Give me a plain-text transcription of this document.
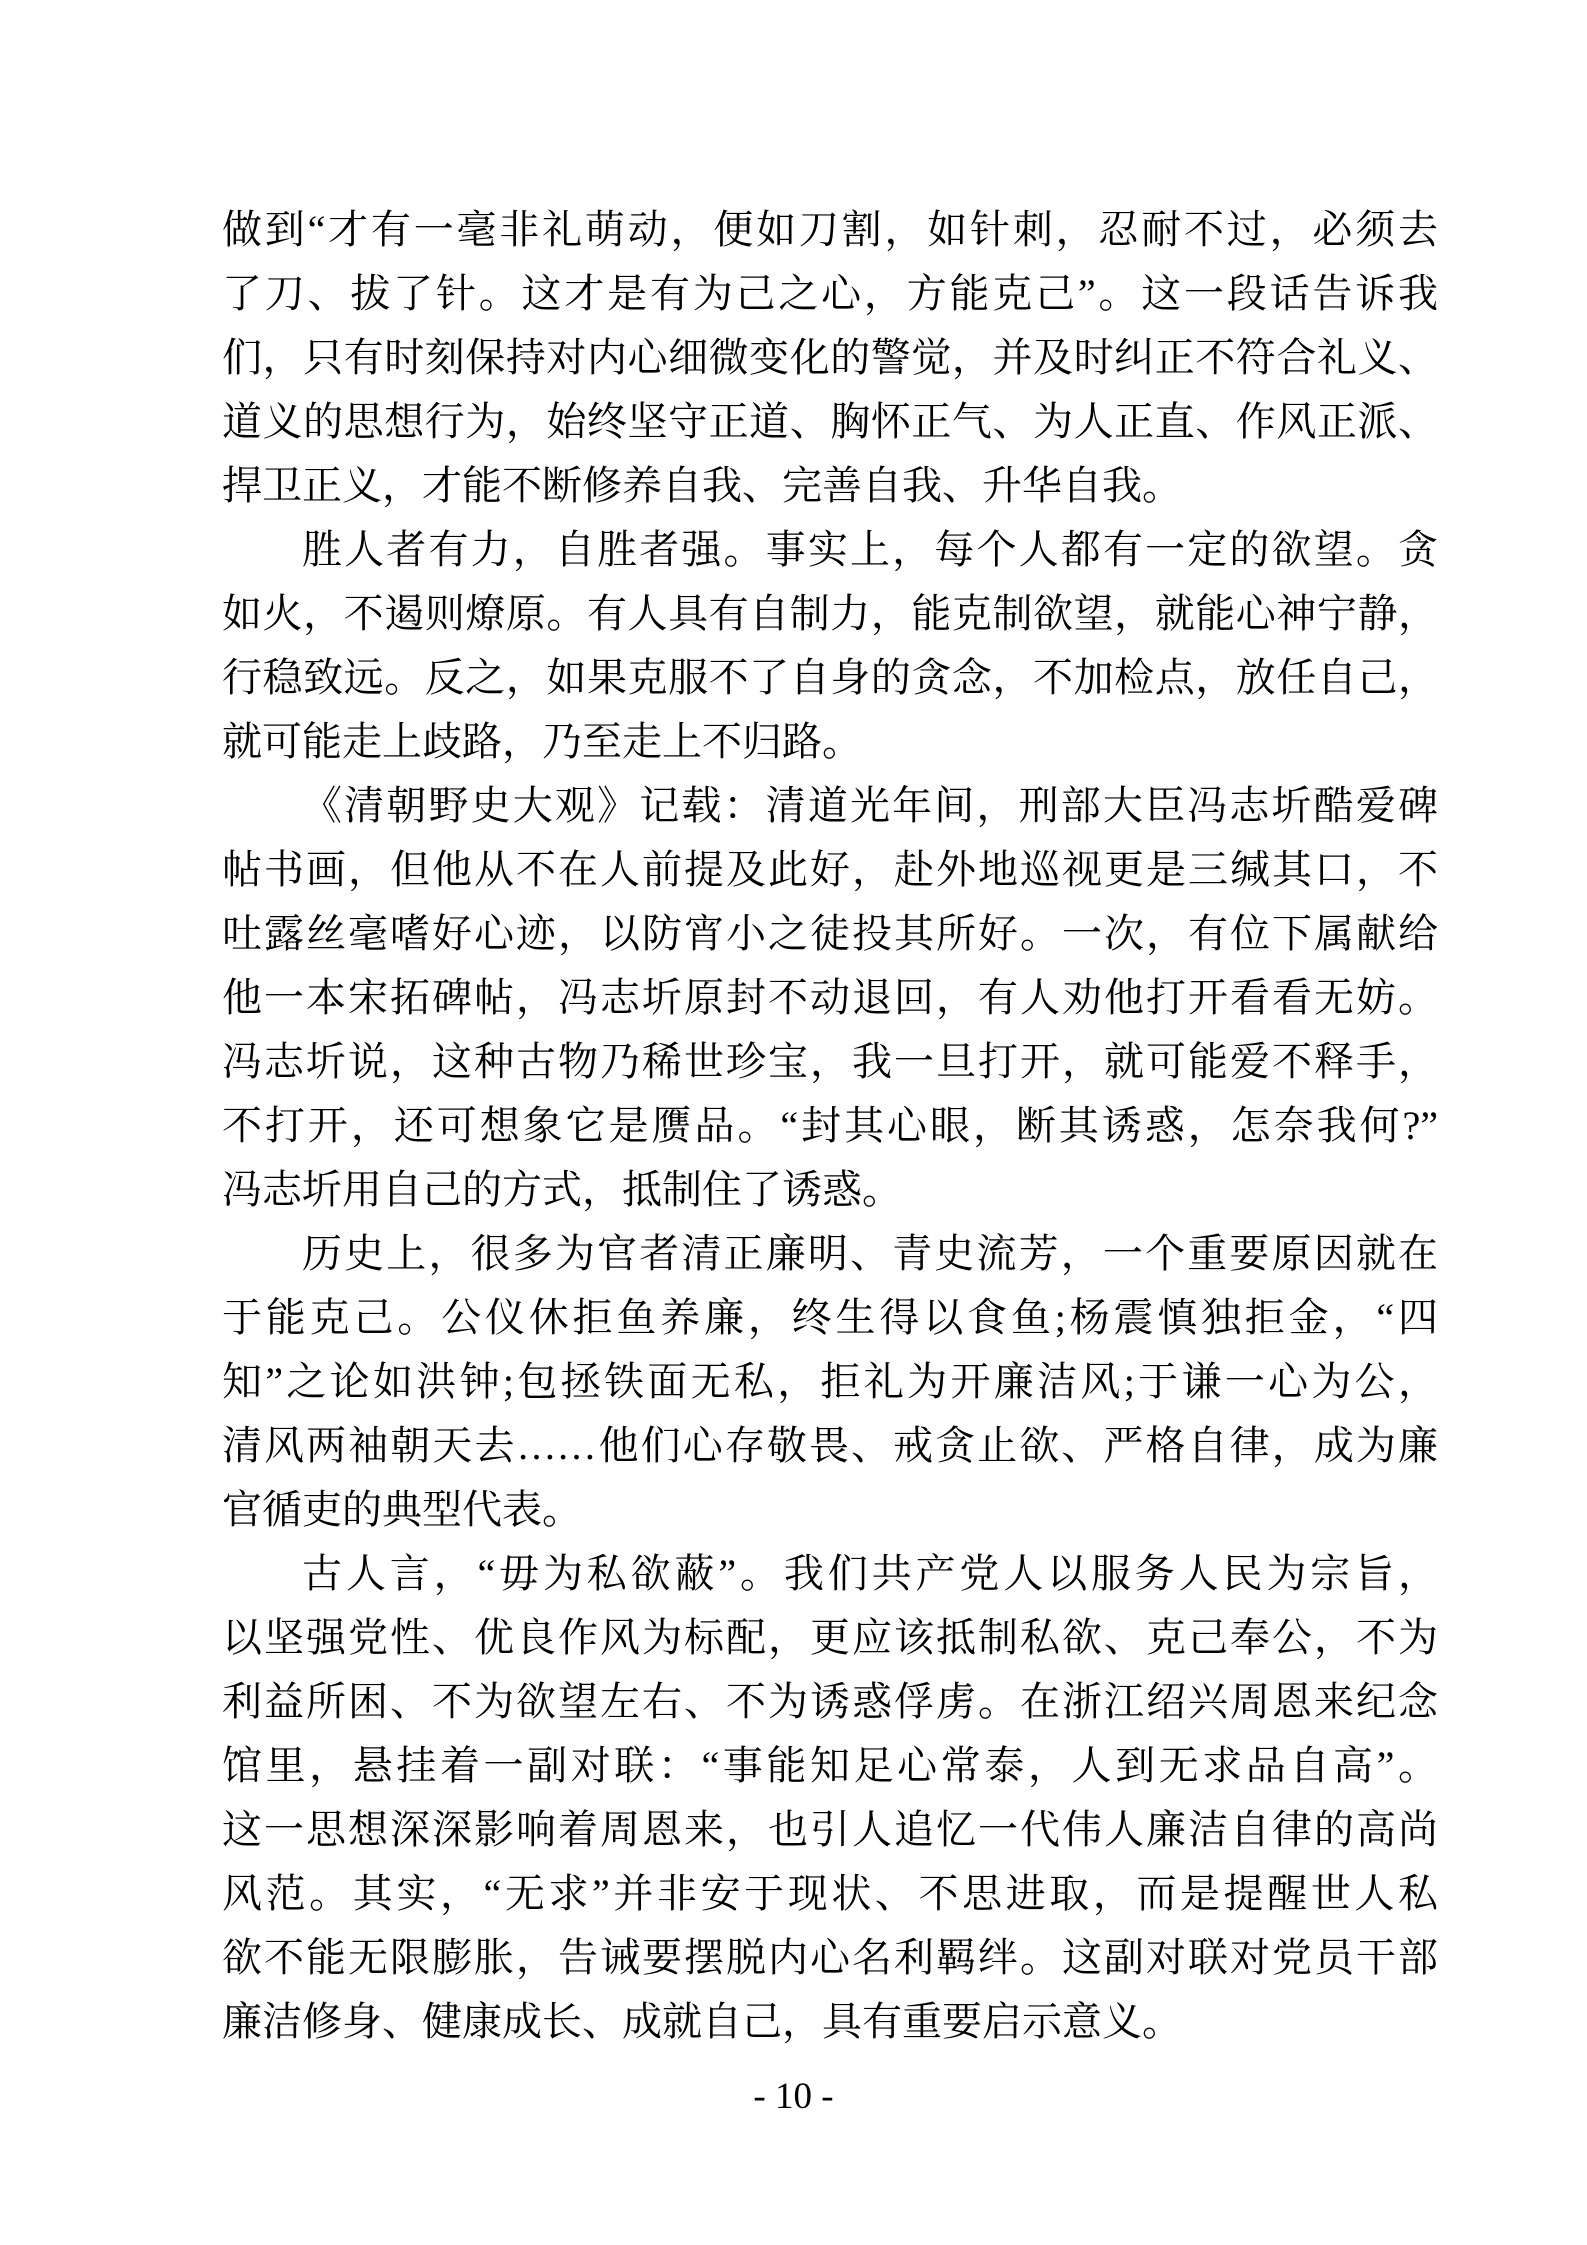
做到“才有一毫非礼萌动，便如刀割，如针刺，忍耐不过，必须去
了刀、拔了针。这才是有为己之心，方能克己”。这一段话告诉我
们，只有时刻保持对内心细微变化的警觉，并及时纠正不符合礼义、
道义的思想行为，始终坚守正道、胸怀正气、为人正直、作风正派、
捍卫正义，才能不断修养自我、完善自我、升华自我。
胜人者有力，自胜者强。事实上，每个人都有一定的欲望。贪
如火，不遏则燎原。有人具有自制力，能克制欲望，就能心神宁静，
行稳致远。反之，如果克服不了自身的贪念，不加检点，放任自己，
就可能走上歧路，乃至走上不归路。
《清朝野史大观》记载：清道光年间，刑部大臣冯志圻酷爱碑
帖书画，但他从不在人前提及此好，赴外地巡视更是三缄其口，不
吐露丝毫嗜好心迹，以防宵小之徒投其所好。一次，有位下属献给
他一本宋拓碑帖，冯志圻原封不动退回，有人劝他打开看看无妨。
冯志圻说，这种古物乃稀世珍宝，我一旦打开，就可能爱不释手，
不打开，还可想象它是赝品。“封其心眼，断其诱惑，怎奈我何?”
冯志圻用自己的方式，抵制住了诱惑。
历史上，很多为官者清正廉明、青史流芳，一个重要原因就在
于能克己。公仪休拒鱼养廉，终生得以食鱼;杨震慎独拒金，“四
知”之论如洪钟;包拯铁面无私，拒礼为开廉洁风;于谦一心为公，
清风两袖朝天去……他们心存敬畏、戒贪止欲、严格自律，成为廉
官循吏的典型代表。
古人言，“毋为私欲蔽”。我们共产党人以服务人民为宗旨，
以坚强党性、优良作风为标配，更应该抵制私欲、克己奉公，不为
利益所困、不为欲望左右、不为诱惑俘虏。在浙江绍兴周恩来纪念
馆里，悬挂着一副对联：“事能知足心常泰，人到无求品自高”。
这一思想深深影响着周恩来，也引人追忆一代伟人廉洁自律的高尚
风范。其实，“无求”并非安于现状、不思进取，而是提醒世人私
欲不能无限膨胀，告诫要摆脱内心名利羁绊。这副对联对党员干部
廉洁修身、健康成长、成就自己，具有重要启示意义。
- 10 -
